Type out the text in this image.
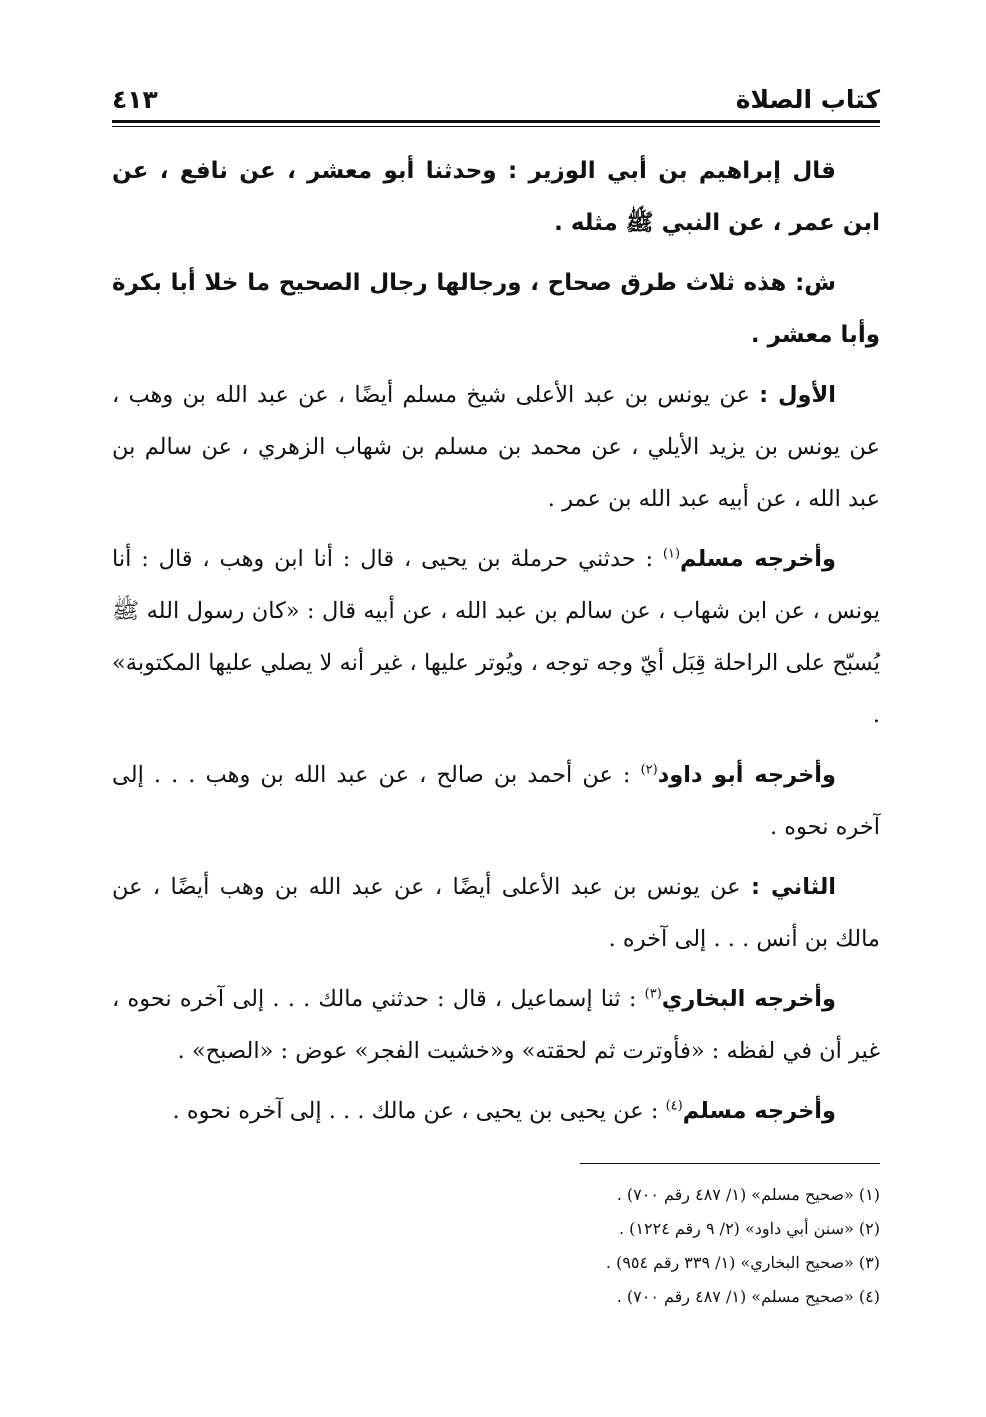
كتاب الصلاة
٤١٣

قال إبراهيم بن أبي الوزير : وحدثنا أبو معشر ، عن نافع ، عن ابن عمر ، عن النبي ﷺ مثله .

ش: هذه ثلاث طرق صحاح ، ورجالها رجال الصحيح ما خلا أبا بكرة وأبا معشر .

الأول : عن يونس بن عبد الأعلى شيخ مسلم أيضًا ، عن عبد الله بن وهب ، عن يونس بن يزيد الأيلي ، عن محمد بن مسلم بن شهاب الزهري ، عن سالم بن عبد الله ، عن أبيه عبد الله بن عمر .

وأخرجه مسلم$^{(١)}$ : حدثني حرملة بن يحيى ، قال : أنا ابن وهب ، قال : أنا يونس ، عن ابن شهاب ، عن سالم بن عبد الله ، عن أبيه قال : «كان رسول الله ﷺ يُسبّح على الراحلة قِبَل أيّ وجه توجه ، ويُوتر عليها ، غير أنه لا يصلي عليها المكتوبة» .

وأخرجه أبو داود$^{(٢)}$ : عن أحمد بن صالح ، عن عبد الله بن وهب . . . إلى آخره نحوه .

الثاني : عن يونس بن عبد الأعلى أيضًا ، عن عبد الله بن وهب أيضًا ، عن مالك بن أنس . . . إلى آخره .

وأخرجه البخاري$^{(٣)}$ : ثنا إسماعيل ، قال : حدثني مالك . . . إلى آخره نحوه ، غير أن في لفظه : «فأوترت ثم لحقته» و«خشيت الفجر» عوض : «الصبح» .

وأخرجه مسلم$^{(٤)}$ : عن يحيى بن يحيى ، عن مالك . . . إلى آخره نحوه .

(١) «صحيح مسلم» (١/ ٤٨٧ رقم ٧٠٠) .
(٢) «سنن أبي داود» (٢/ ٩ رقم ١٢٢٤) .
(٣) «صحيح البخاري» (١/ ٣٣٩ رقم ٩٥٤) .
(٤) «صحيح مسلم» (١/ ٤٨٧ رقم ٧٠٠) .
